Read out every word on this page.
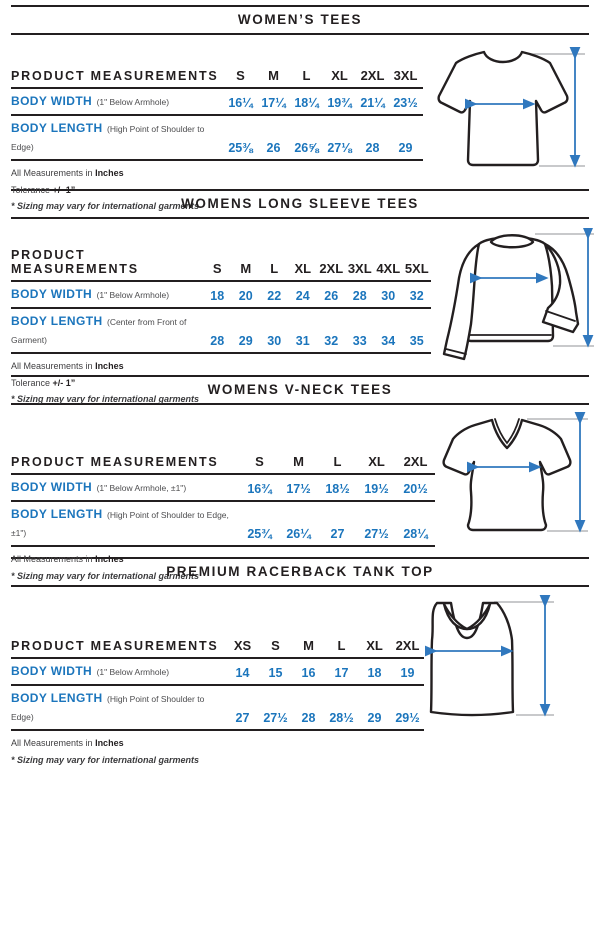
WOMEN’S TEES
PRODUCT MEASUREMENTS	S	M	L	XL 2XL 3XL
BODY WIDTH (1" Below Armhole)	16¼ 17¼ 18¼ 19¾ 21¼ 23½
BODY LENGTH (High Point of Shoulder to Edge)	25⅜	26	26⅝ 27⅛	28	29

All Measurements in Inches

Tolerance +/- 1”

* Sizing may vary for international garments

WOMENS LONG SLEEVE TEES
PRODUCT MEASUREMENTS	S	M	L	XL 2XL 3XL 4XL 5XL
BODY WIDTH (1" Below Armhole)	18	20	22	24	26	28	30	32
BODY LENGTH (Center from Front of Garment)	28	29	30	31	32	33	34	35

All Measurements in Inches

Tolerance +/- 1”

* Sizing may vary for international garments

WOMENS V-NECK TEES
PRODUCT MEASUREMENTS	S	M	L	XL	2XL
BODY WIDTH (1" Below Armhole, ±1")	16¾	17½	18½	19½	20½
BODY LENGTH (High Point of Shoulder to Edge, ±1")	25¾	26¼	27	27½	28¼

All Measurements in Inches

* Sizing may vary for international garments

PREMIUM RACERBACK TANK TOP
PRODUCT MEASUREMENTS	XS	S	M	L	XL 2XL
BODY WIDTH (1" Below Armhole)	14	15	16	17	18	19
BODY LENGTH (High Point of Shoulder to Edge)	27	27½	28	28½	29	29½

All Measurements in Inches

* Sizing may vary for international garments
